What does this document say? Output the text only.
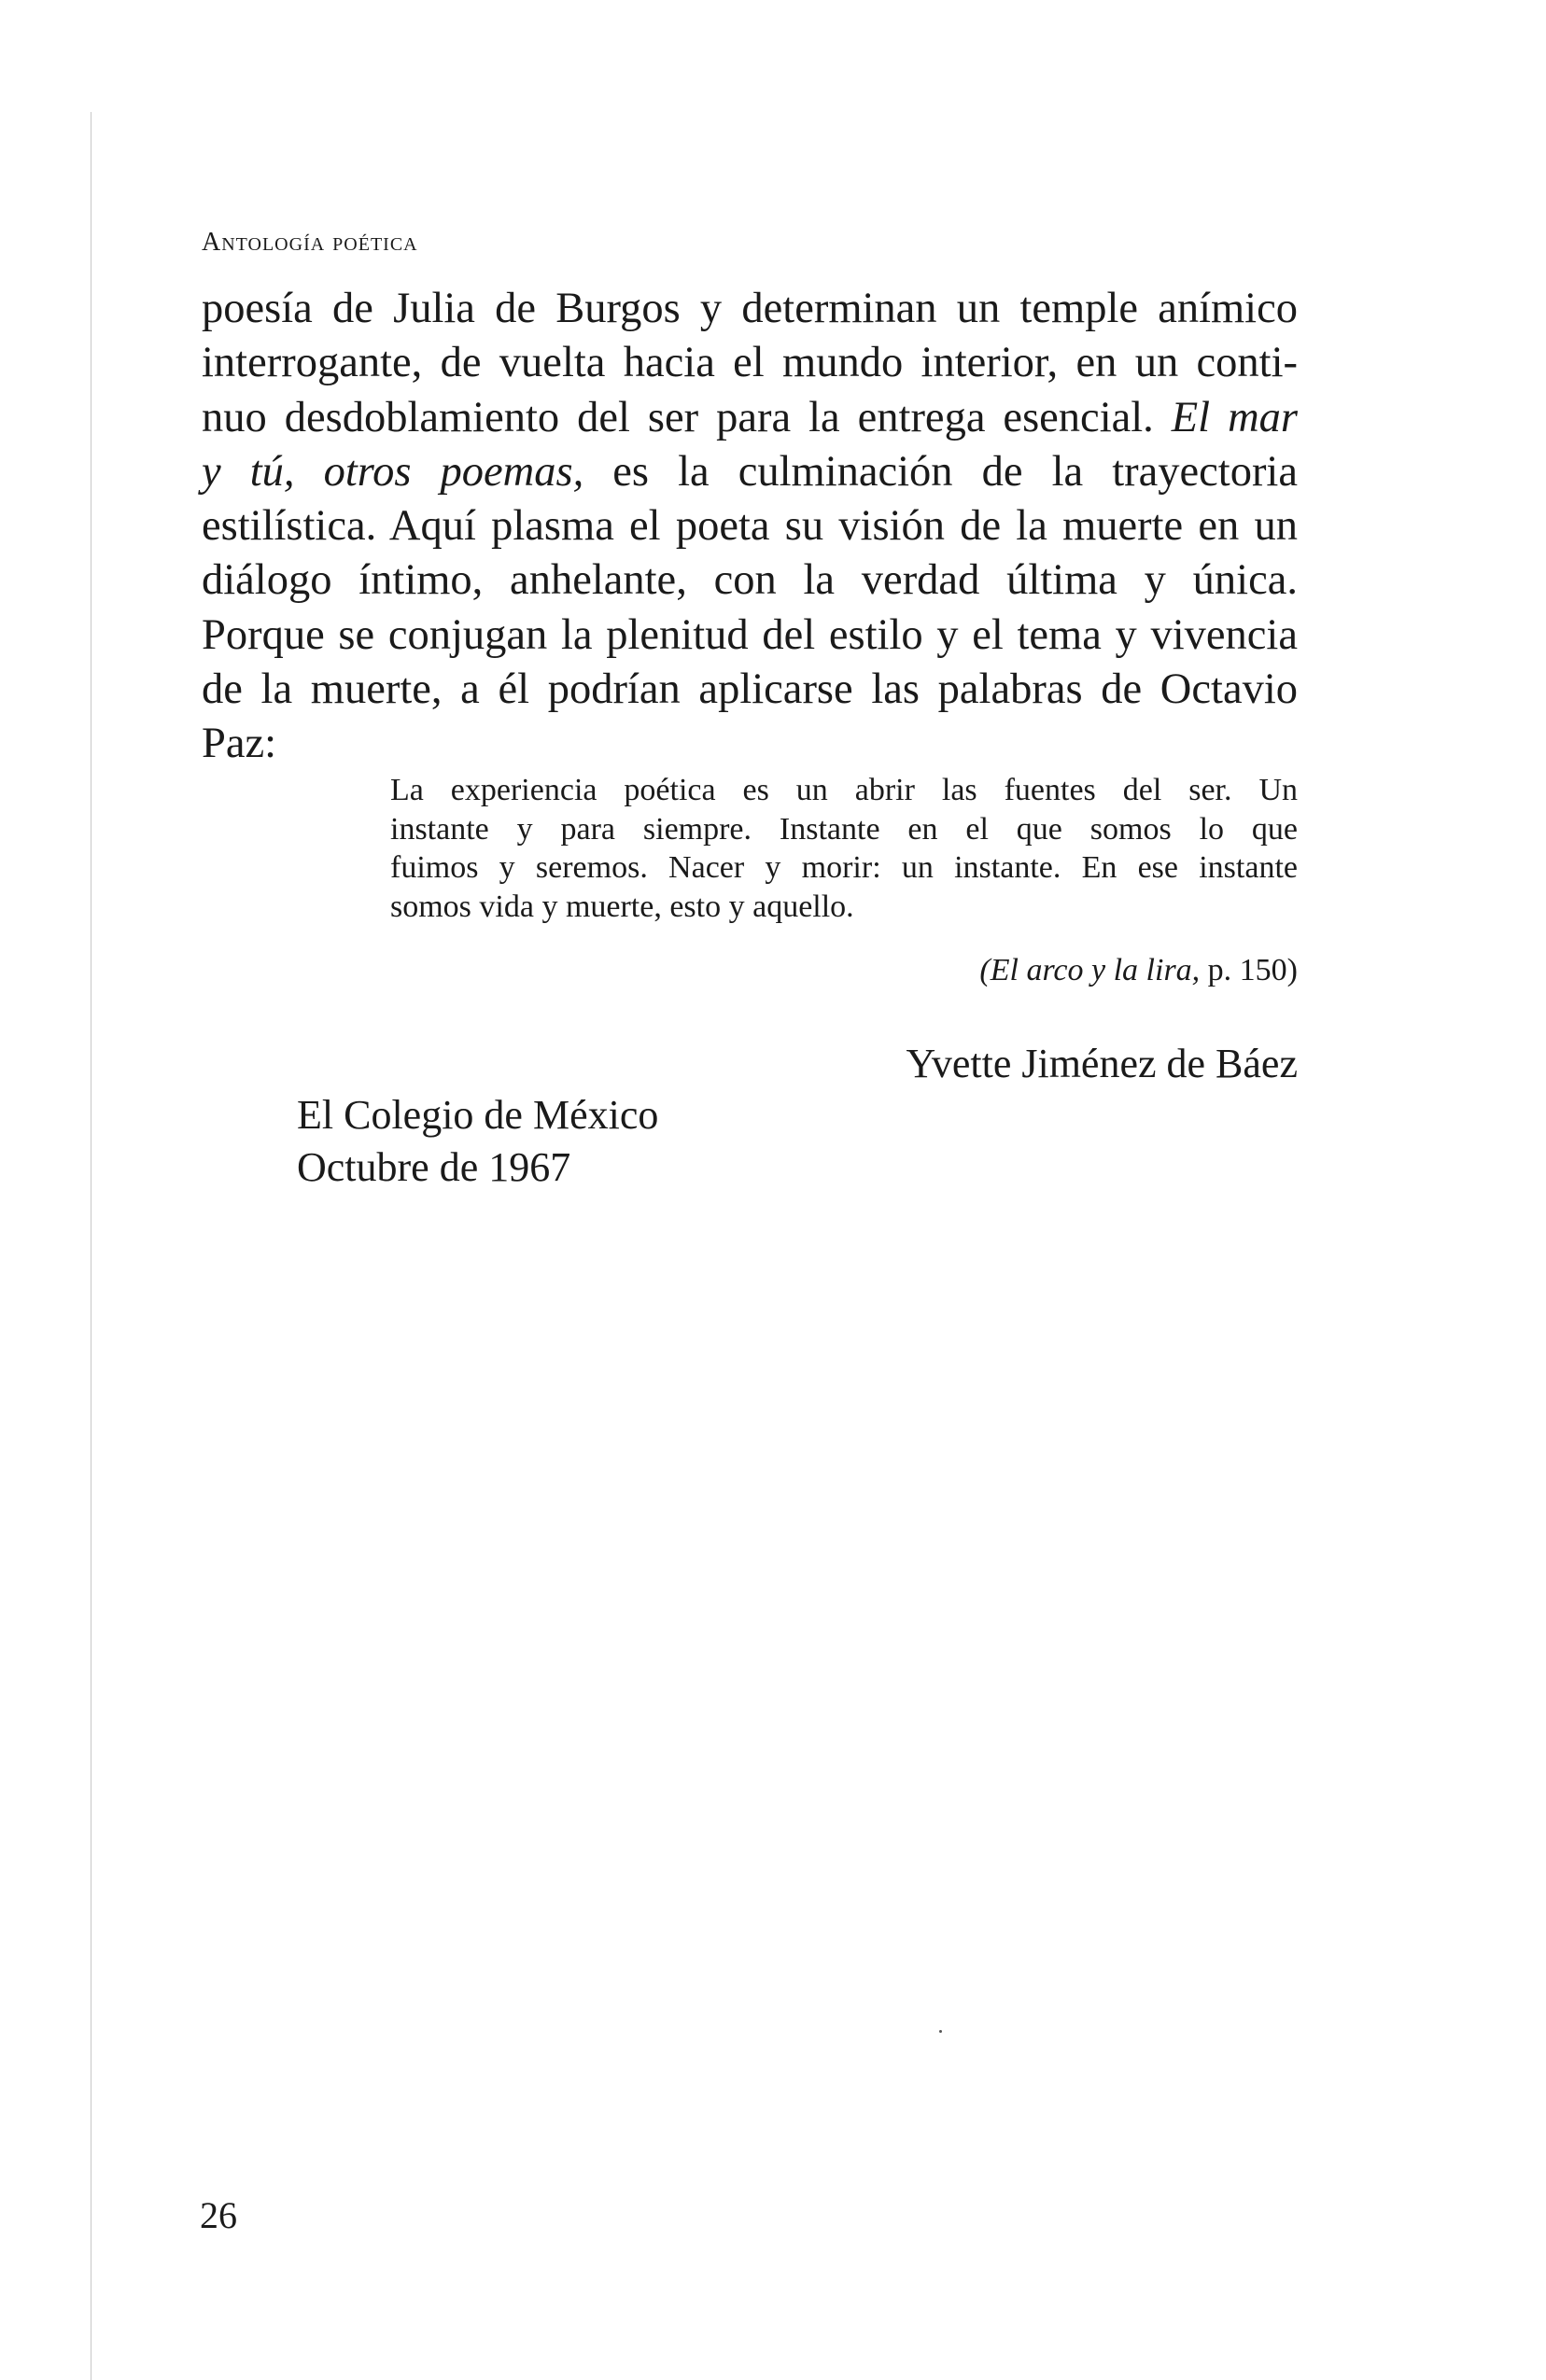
Antología poética

poesía de Julia de Burgos y determinan un temple anímico
interrogante, de vuelta hacia el mundo interior, en un conti-
nuo desdoblamiento del ser para la entrega esencial. El mar
y tú, otros poemas, es la culminación de la trayectoria
estilística. Aquí plasma el poeta su visión de la muerte en un
diálogo íntimo, anhelante, con la verdad última y única.
Porque se conjugan la plenitud del estilo y el tema y vivencia
de la muerte, a él podrían aplicarse las palabras de Octavio
Paz:

La experiencia poética es un abrir las fuentes del ser. Un
instante y para siempre. Instante en el que somos lo que
fuimos y seremos. Nacer y morir: un instante. En ese instante
somos vida y muerte, esto y aquello.

(El arco y la lira, p. 150)
Yvette Jiménez de Báez
El Colegio de México
Octubre de 1967
26
